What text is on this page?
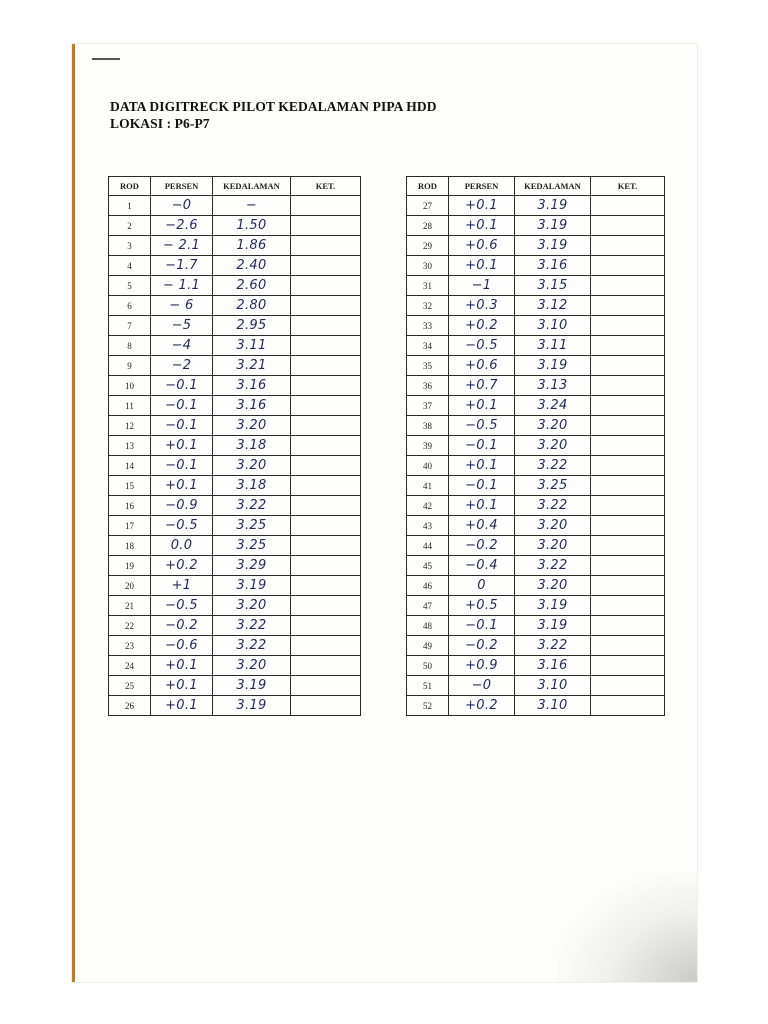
DATA DIGITRECK PILOT KEDALAMAN PIPA HDD
LOKASI : P6-P7
ROD	PERSEN	KEDALAMAN	KET.
1	−0	−	
2	−2.6	1.50	
3	− 2.1	1.86	
4	−1.7	2.40	
5	− 1.1	2.60	
6	− 6	2.80	
7	−5	2.95	
8	−4	3.11	
9	−2	3.21	
10	−0.1	3.16	
11	−0.1	3.16	
12	−0.1	3.20	
13	+0.1	3.18	
14	−0.1	3.20	
15	+0.1	3.18	
16	−0.9	3.22	
17	−0.5	3.25	
18	0.0	3.25	
19	+0.2	3.29	
20	+1	3.19	
21	−0.5	3.20	
22	−0.2	3.22	
23	−0.6	3.22	
24	+0.1	3.20	
25	+0.1	3.19	
26	+0.1	3.19	
ROD	PERSEN	KEDALAMAN	KET.
27	+0.1	3.19	
28	+0.1	3.19	
29	+0.6	3.19	
30	+0.1	3.16	
31	−1	3.15	
32	+0.3	3.12	
33	+0.2	3.10	
34	−0.5	3.11	
35	+0.6	3.19	
36	+0.7	3.13	
37	+0.1	3.24	
38	−0.5	3.20	
39	−0.1	3.20	
40	+0.1	3.22	
41	−0.1	3.25	
42	+0.1	3.22	
43	+0.4	3.20	
44	−0.2	3.20	
45	−0.4	3.22	
46	0	3.20	
47	+0.5	3.19	
48	−0.1	3.19	
49	−0.2	3.22	
50	+0.9	3.16	
51	−0	3.10	
52	+0.2	3.10	
